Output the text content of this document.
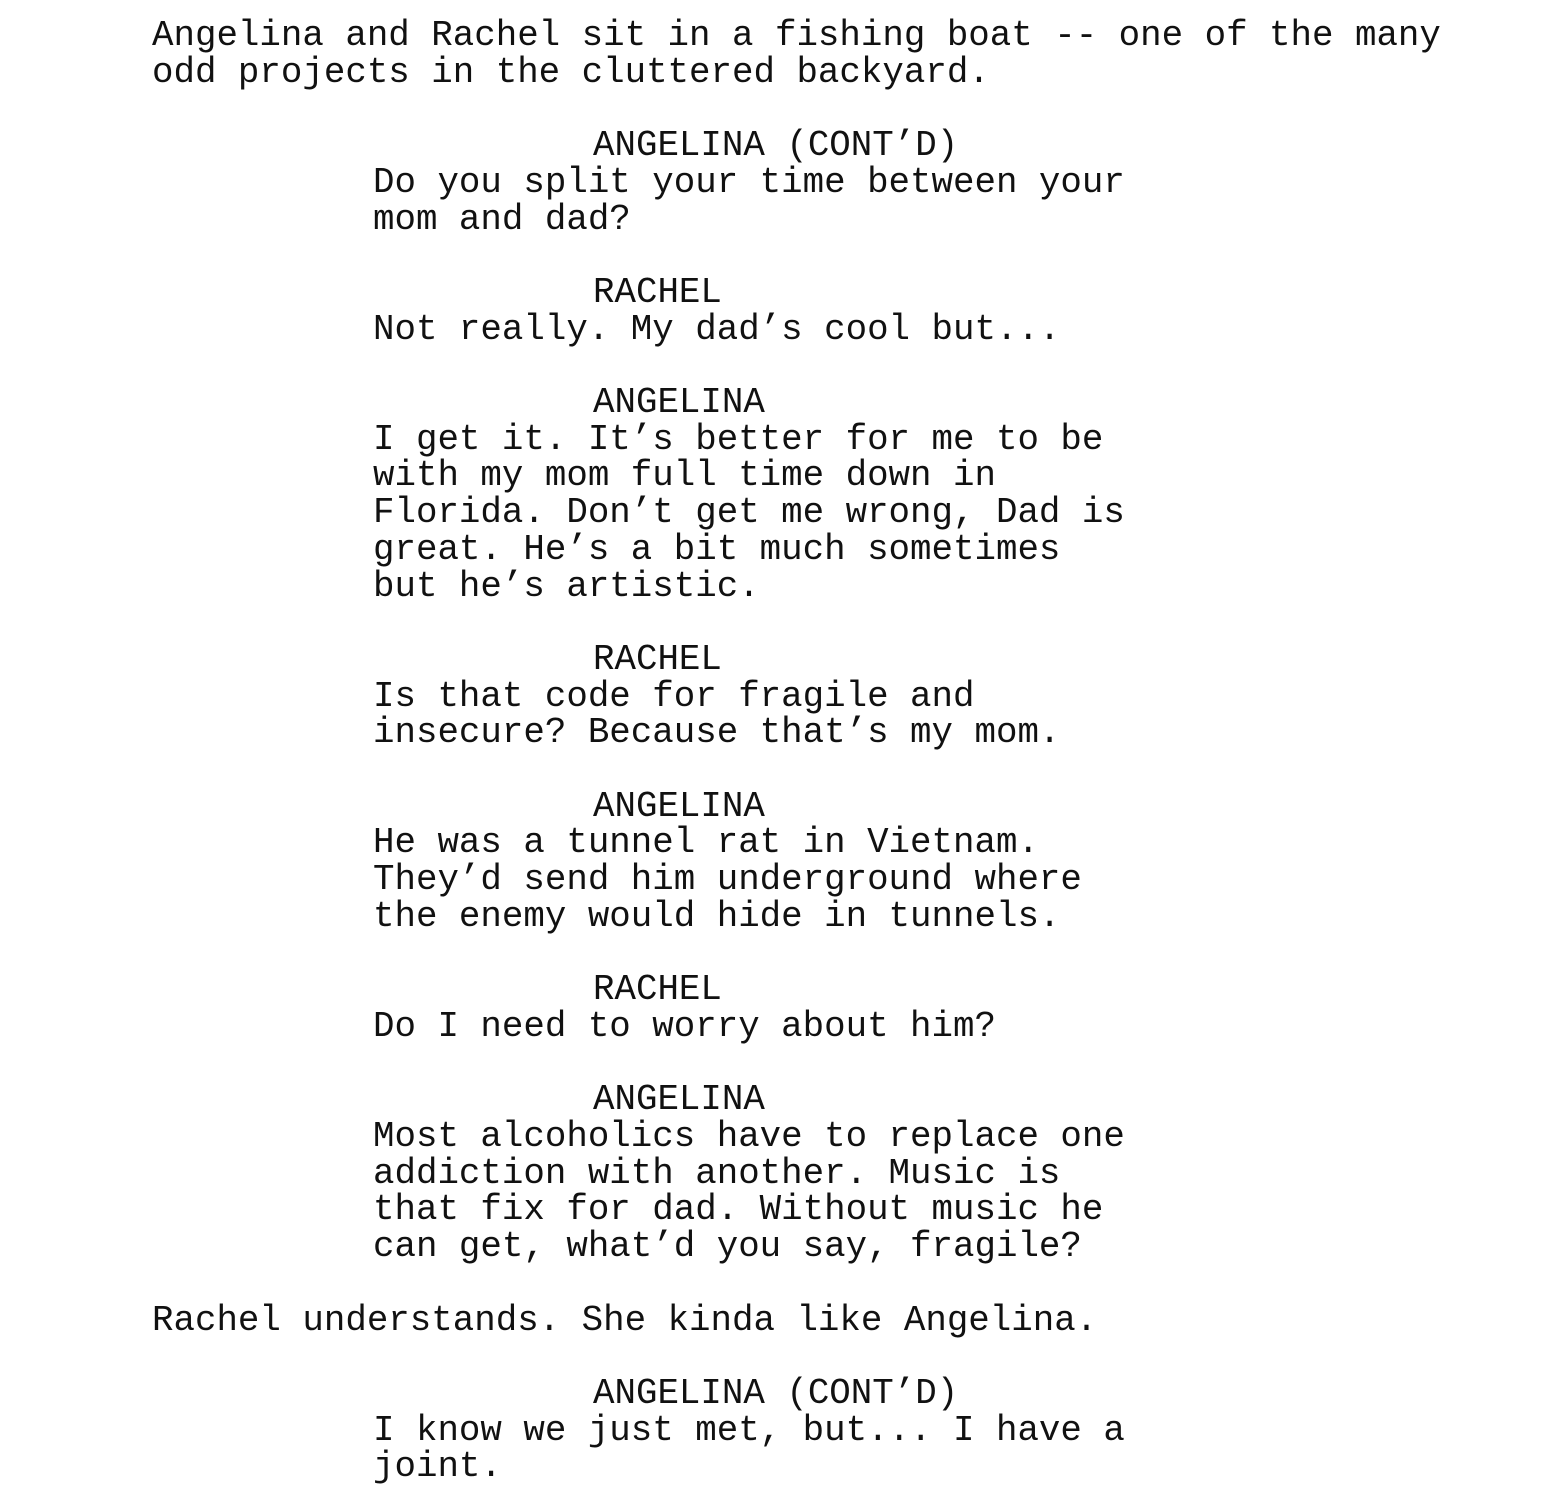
Angelina and Rachel sit in a fishing boat -- one of the many

odd projects in the cluttered backyard.

ANGELINA (CONT’D)

Do you split your time between your

mom and dad?

RACHEL

Not really. My dad’s cool but...

ANGELINA

I get it. It’s better for me to be

with my mom full time down in

Florida. Don’t get me wrong, Dad is

great. He’s a bit much sometimes

but he’s artistic.

RACHEL

Is that code for fragile and

insecure? Because that’s my mom.

ANGELINA

He was a tunnel rat in Vietnam.

They’d send him underground where

the enemy would hide in tunnels.

RACHEL

Do I need to worry about him?

ANGELINA

Most alcoholics have to replace one

addiction with another. Music is

that fix for dad. Without music he

can get, what’d you say, fragile?

Rachel understands. She kinda like Angelina.

ANGELINA (CONT’D)

I know we just met, but... I have a

joint.
